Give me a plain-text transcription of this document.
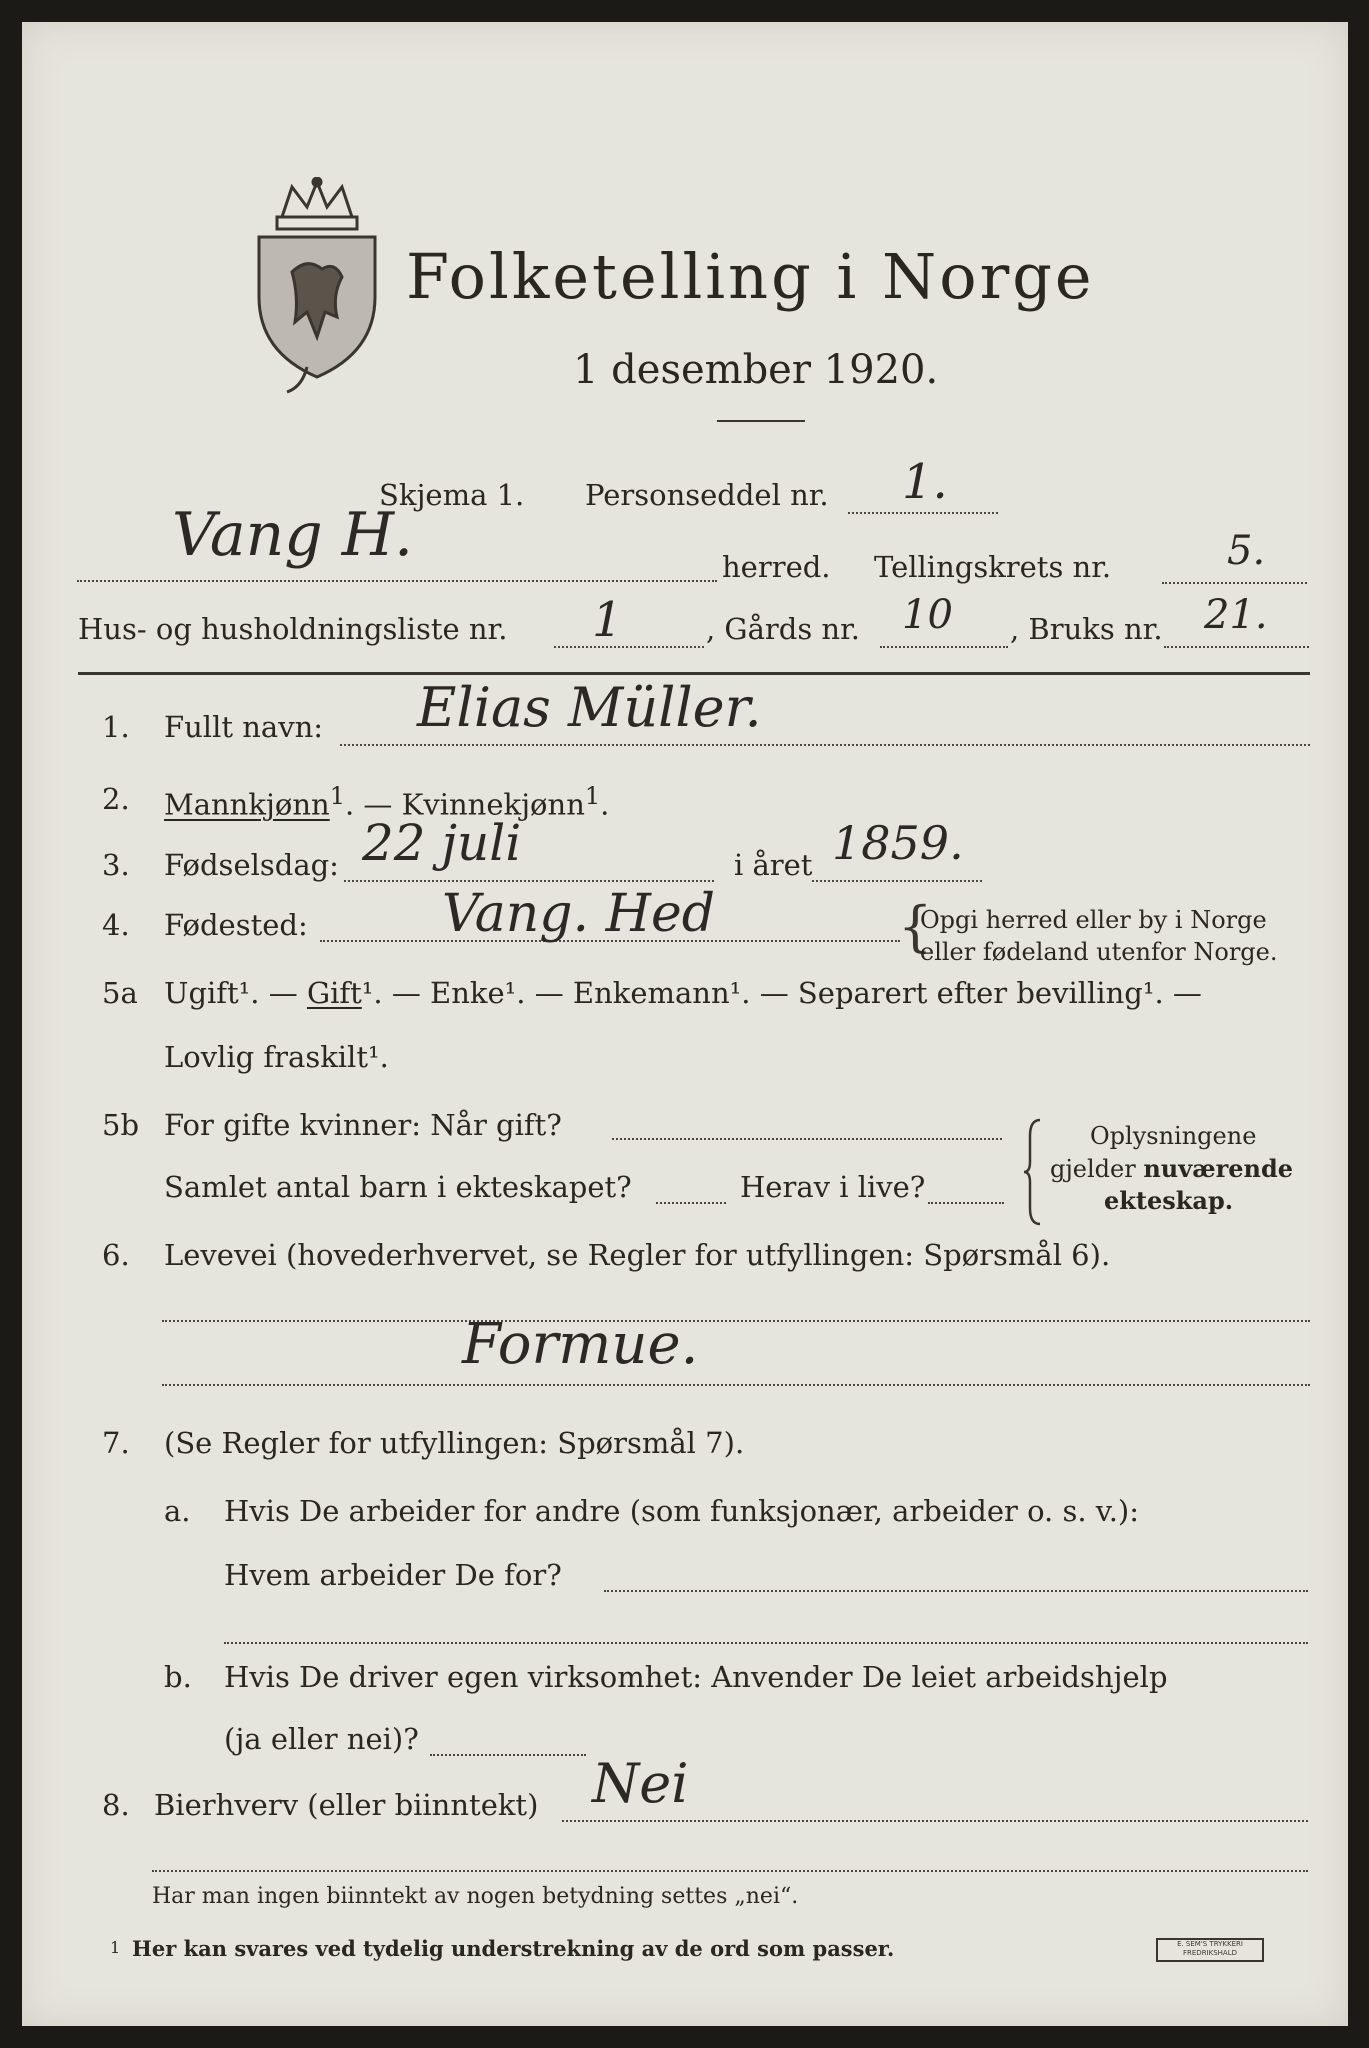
Folketelling i Norge
1 desember 1920.
Skjema 1. Personseddel nr. 1.
Vang H.	herred. Tellingskrets nr.	5.
Hus- og husholdningsliste nr. 1	, Gårds nr. 10 , Bruks nr. 21.
1. Fullt navn: Elias Müller.
2. Mannkjønn$^1$. — Kvinnekjønn$^1$.
3. Fødselsdag: 22 juli	i året 1859.
4. Fødested:	Vang. Hed	{
Opgi herred eller by i Norge
eller fødeland utenfor Norge.
5a Ugift¹. — Gift¹. — Enke¹. — Enkemann¹. — Separert efter bevilling¹. —
Lovlig fraskilt¹.
5b For gifte kvinner: Når gift?
Samlet antal barn i ekteskapet?	Herav i live?
Oplysningene
gjelder nuværende
ekteskap.
6. Levevei (hovederhvervet, se Regler for utfyllingen: Spørsmål 6).
Formue.
7. (Se Regler for utfyllingen: Spørsmål 7).
a. Hvis De arbeider for andre (som funksjonær, arbeider o. s. v.):
Hvem arbeider De for?
b. Hvis De driver egen virksomhet: Anvender De leiet arbeidshjelp
(ja eller nei)?
8. Bierhverv (eller biinntekt) Nei
Har man ingen biinntekt av nogen betydning settes „nei“.
1 Her kan svares ved tydelig understrekning av de ord som passer.	E. SEM'S TRYKKERI
FREDRIKSHALD
